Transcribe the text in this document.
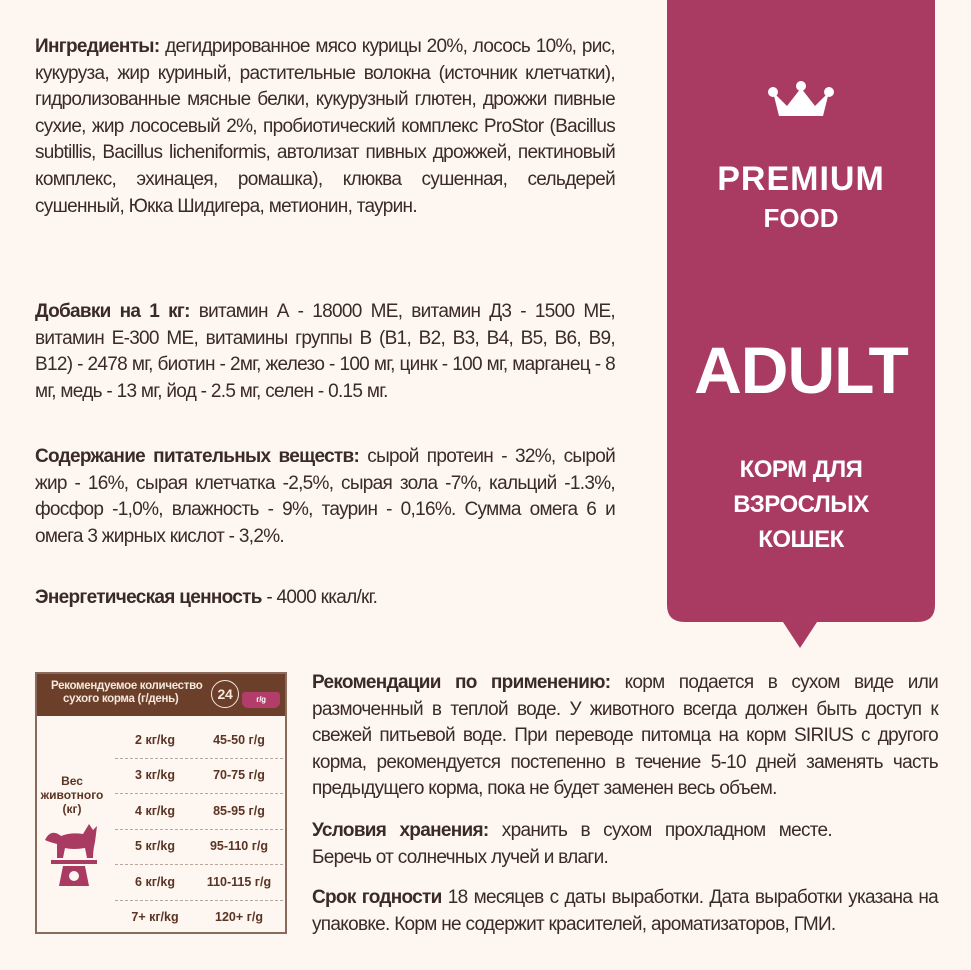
Ингредиенты: дегидрированное мясо курицы 20%, лосось 10%, рис, кукуруза, жир куриный, растительные волокна (источник клетчатки), гидролизованные мясные белки, кукурузный глютен, дрожжи пивные сухие, жир лососевый 2%, пробиотический комплекс ProStor (Bacillus subtillis, Bacillus licheniformis, автолизат пивных дрожжей, пектиновый комплекс, эхинацея, ромашка), клюква сушенная, сельдерей сушенный, Юкка Шидигера, метионин, таурин.
Добавки на 1 кг: витамин А - 18000 МЕ, витамин Д3 - 1500 МЕ, витамин Е-300 МЕ, витамины группы В (В1, В2, В3, В4, В5, В6, В9, В12) - 2478 мг, биотин - 2мг, железо - 100 мг, цинк - 100 мг, марганец - 8 мг, медь - 13 мг, йод - 2.5 мг, селен - 0.15 мг.
Содержание питательных веществ: сырой протеин - 32%, сырой жир - 16%, сырая клетчатка -2,5%, сырая зола -7%, кальций -1.3%, фосфор -1,0%, влажность - 9%, таурин - 0,16%. Сумма омега 6 и омега 3 жирных кислот - 3,2%.
Энергетическая ценность - 4000 ккал/кг.
PREMIUM
FOOD
ADULT
КОРМ ДЛЯ
ВЗРОСЛЫХ
КОШЕК
Рекомендуемое количество
сухого корма (г/день)	24	г/g
Вес
животного
(кг)
2 кг/kg	45-50 г/g
3 кг/kg	70-75 г/g
4 кг/kg	85-95 г/g
5 кг/kg	95-110 г/g
6 кг/kg	110-115 г/g
7+ кг/kg	120+ г/g
Рекомендации по применению: корм подается в сухом виде или размоченный в теплой воде. У животного всегда должен быть доступ к свежей питьевой воде. При переводе питомца на корм SIRIUS с другого корма, рекомендуется постепенно в течение 5-10 дней заменять часть предыдущего корма, пока не будет заменен весь объем.
Условия хранения: хранить в сухом прохладном месте. Беречь от солнечных лучей и влаги.
Срок годности 18 месяцев с даты выработки. Дата выработки указана на упаковке. Корм не содержит красителей, ароматизаторов, ГМИ.
